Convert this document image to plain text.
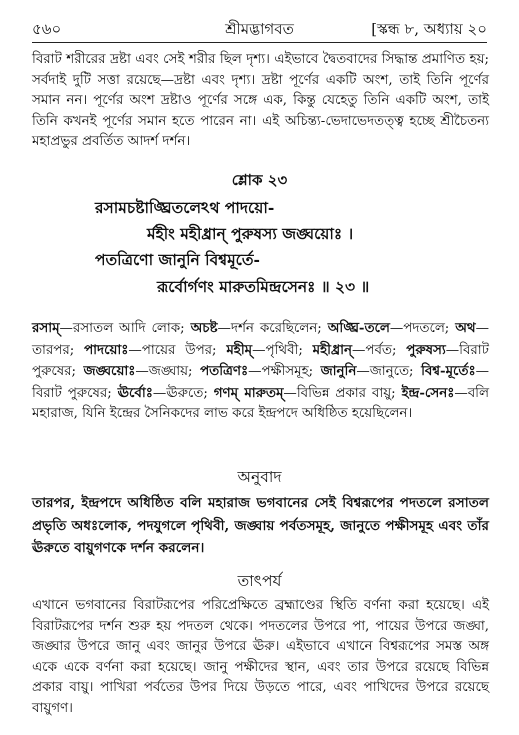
৫৬০	শ্রীমদ্ভাগবত	[স্কন্ধ ৮, অধ্যায় ২০

বিরাট শরীরের দ্রষ্টা এবং সেই শরীর ছিল দৃশ্য। এইভাবে দ্বৈতবাদের সিদ্ধান্ত প্রমাণিত হয়; সর্বদাই দুটি সত্তা রয়েছে—দ্রষ্টা এবং দৃশ্য। দ্রষ্টা পূর্ণের একটি অংশ, তাই তিনি পূর্ণের সমান নন। পূর্ণের অংশ দ্রষ্টাও পূর্ণের সঙ্গে এক, কিন্তু যেহেতু তিনি একটি অংশ, তাই তিনি কখনই পূর্ণের সমান হতে পারেন না। এই অচিন্ত্য-ভেদাভেদতত্ত্ব হচ্ছে শ্রীচৈতন্য মহাপ্রভুর প্রবর্তিত আদর্শ দর্শন।

শ্লোক ২৩
রসামচষ্টাঙ্ঘ্রিতলেঽথ পাদয়ো-
র্মহীং মহীধ্রান্ পুরুষস্য জঙ্ঘয়োঃ ।
পতত্রিণো জানুনি বিশ্বমূর্তে-
রূর্বোর্গণং মারুতমিন্দ্রসেনঃ ॥ ২৩ ॥

রসাম্—রসাতল আদি লোক; অচষ্ট—দর্শন করেছিলেন; অঙ্ঘ্রি-তলে—পদতলে; অথ—তারপর; পাদয়োঃ—পায়ের উপর; মহীম্—পৃথিবী; মহীধ্রান্—পর্বত; পুরুষস্য—বিরাট পুরুষের; জঙ্ঘয়োঃ—জঙ্ঘায়; পতত্রিণঃ—পক্ষীসমূহ; জানুনি—জানুতে; বিশ্ব-মূর্তেঃ—বিরাট পুরুষের; ঊর্বোঃ—ঊরুতে; গণম্ মারুতম্—বিভিন্ন প্রকার বায়ু; ইন্দ্র-সেনঃ—বলি মহারাজ, যিনি ইন্দ্রের সৈনিকদের লাভ করে ইন্দ্রপদে অধিষ্ঠিত হয়েছিলেন।

অনুবাদ

তারপর, ইন্দ্রপদে অধিষ্ঠিত বলি মহারাজ ভগবানের সেই বিশ্বরূপের পদতলে রসাতল প্রভৃতি অধঃলোক, পদযুগলে পৃথিবী, জঙ্ঘায় পর্বতসমূহ, জানুতে পক্ষীসমূহ এবং তাঁর ঊরুতে বায়ুগণকে দর্শন করলেন।

তাৎপর্য

এখানে ভগবানের বিরাটরূপের পরিপ্রেক্ষিতে ব্রহ্মাণ্ডের স্থিতি বর্ণনা করা হয়েছে। এই বিরাটরূপের দর্শন শুরু হয় পদতল থেকে। পদতলের উপরে পা, পায়ের উপরে জঙ্ঘা, জঙ্ঘার উপরে জানু এবং জানুর উপরে ঊরু। এইভাবে এখানে বিশ্বরূপের সমস্ত অঙ্গ একে একে বর্ণনা করা হয়েছে। জানু পক্ষীদের স্থান, এবং তার উপরে রয়েছে বিভিন্ন প্রকার বায়ু। পাখিরা পর্বতের উপর দিয়ে উড়তে পারে, এবং পাখিদের উপরে রয়েছে বায়ুগণ।
